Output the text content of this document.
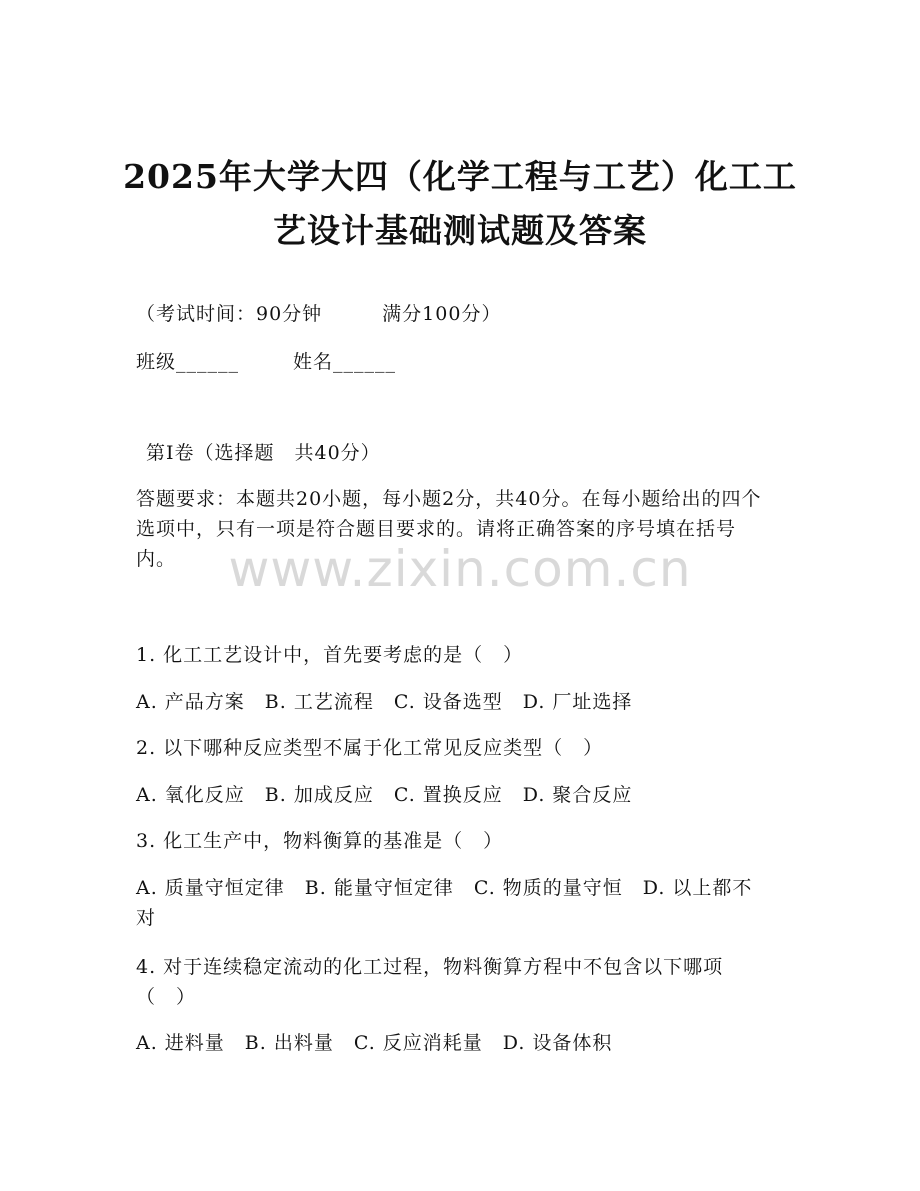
2025年大学大四（化学工程与工艺）化工工
艺设计基础测试题及答案
（考试时间：90分钟　　　满分100分）
班级______	姓名______
第I卷（选择题　共40分）
答题要求：本题共20小题，每小题2分，共40分。在每小题给出的四个选项中，只有一项是符合题目要求的。请将正确答案的序号填在括号内。	www.zixin.com.cn
1. 化工工艺设计中，首先要考虑的是（　）
A. 产品方案　B. 工艺流程　C. 设备选型　D. 厂址选择
2. 以下哪种反应类型不属于化工常见反应类型（　）
A. 氧化反应　B. 加成反应　C. 置换反应　D. 聚合反应
3. 化工生产中，物料衡算的基准是（　）
A. 质量守恒定律　B. 能量守恒定律　C. 物质的量守恒　D. 以上都不对
4. 对于连续稳定流动的化工过程，物料衡算方程中不包含以下哪项（　）
A. 进料量　B. 出料量　C. 反应消耗量　D. 设备体积
